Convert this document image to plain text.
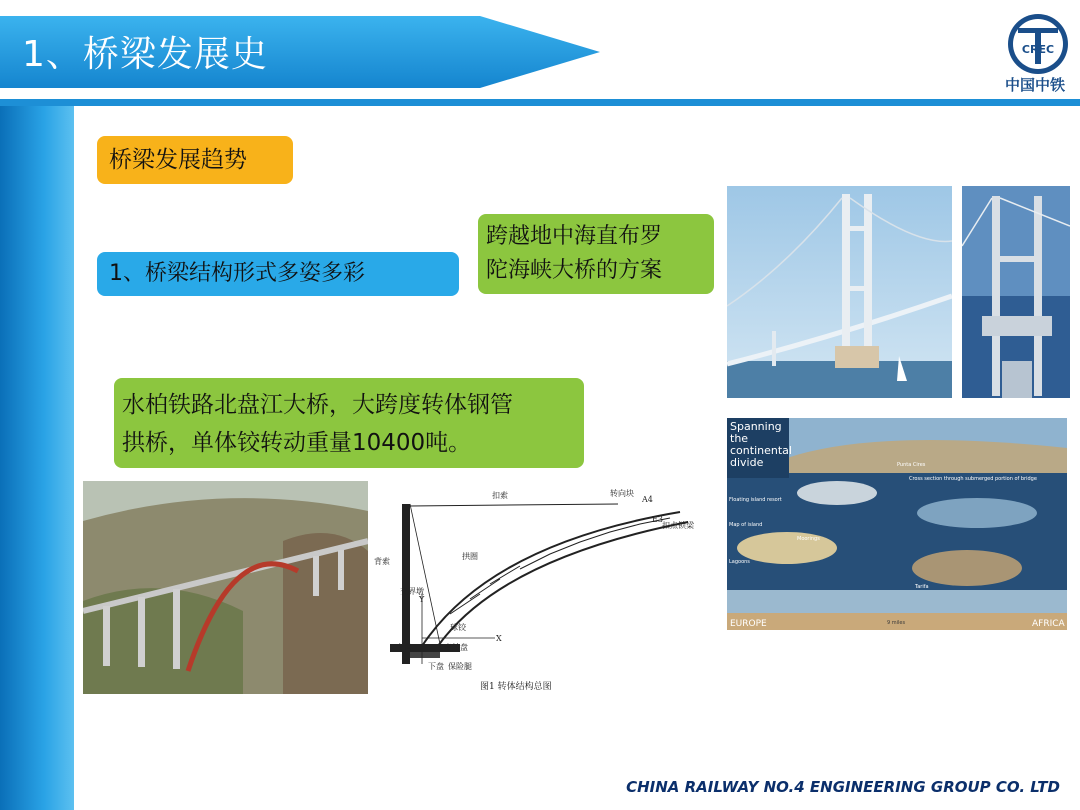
1、桥梁发展史	CREC
中国中铁
桥梁发展趋势
1、桥梁结构形式多姿多彩
跨越地中海直布罗
陀海峡大桥的方案
水柏铁路北盘江大桥，大跨度转体钢管
拱桥，单体铰转动重量10400吨。
Spanning
the
continental
divide	Punta Cires
Cross section through submerged portion of bridge
Floating island resort
Map of island
Moorings
Lagoons
Tarifa
EUROPE	AFRICA
9 miles
扣索	转向块
A4
E3
扣点锁梁
背索
拱圈
交界墩
Y
X
球铰
上盘	牵转盘
下盘 保险腿
图1 转体结构总图
CHINA RAILWAY NO.4 ENGINEERING GROUP CO. LTD
